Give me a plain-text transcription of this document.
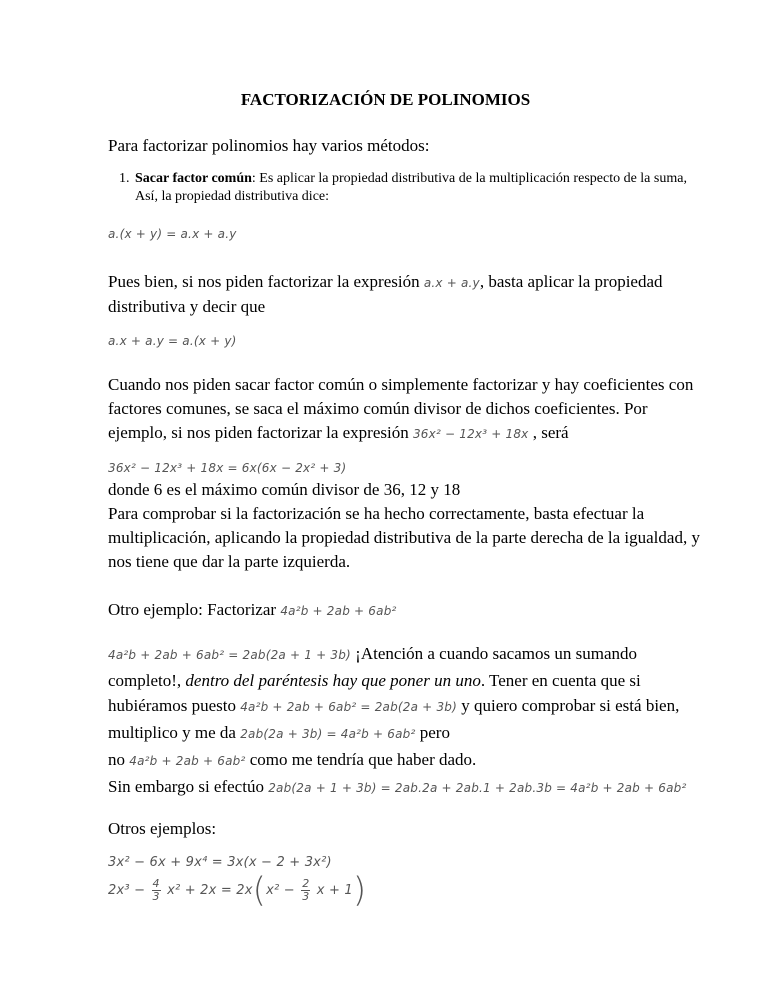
FACTORIZACIÓN DE POLINOMIOS

Para factorizar polinomios hay varios métodos:

1. Sacar factor común: Es aplicar la propiedad distributiva de la multiplicación respecto de la suma, Así, la propiedad distributiva dice:
a.(x + y) = a.x + a.y

Pues bien, si nos piden factorizar la expresión a.x + a.y, basta aplicar la propiedad distributiva y decir que

a.x + a.y = a.(x + y)

Cuando nos piden sacar factor común o simplemente factorizar y hay coeficientes con factores comunes, se saca el máximo común divisor de dichos coeficientes. Por ejemplo, si nos piden factorizar la expresión 36x² − 12x³ + 18x , será

36x² − 12x³ + 18x = 6x(6x − 2x² + 3)

donde 6 es el máximo común divisor de 36, 12 y 18

Para comprobar si la factorización se ha hecho correctamente, basta efectuar la multiplicación, aplicando la propiedad distributiva de la parte derecha de la igualdad, y nos tiene que dar la parte izquierda.

Otro ejemplo: Factorizar 4a²b + 2ab + 6ab²

4a²b + 2ab + 6ab² = 2ab(2a + 1 + 3b) ¡Atención a cuando sacamos un sumando completo!, dentro del paréntesis hay que poner un uno. Tener en cuenta que si hubiéramos puesto 4a²b + 2ab + 6ab² = 2ab(2a + 3b) y quiero comprobar si está bien, multiplico y me da 2ab(2a + 3b) = 4a²b + 6ab² pero
no 4a²b + 2ab + 6ab² como me tendría que haber dado.
Sin embargo si efectúo 2ab(2a + 1 + 3b) = 2ab.2a + 2ab.1 + 2ab.3b = 4a²b + 2ab + 6ab²

Otros ejemplos:

3x² − 6x + 9x⁴ = 3x(x − 2 + 3x²)
$2x^3 - \frac{4}{3} x^2 + 2x = 2x(x^2 - \frac{2}{3}$ x + 1)
